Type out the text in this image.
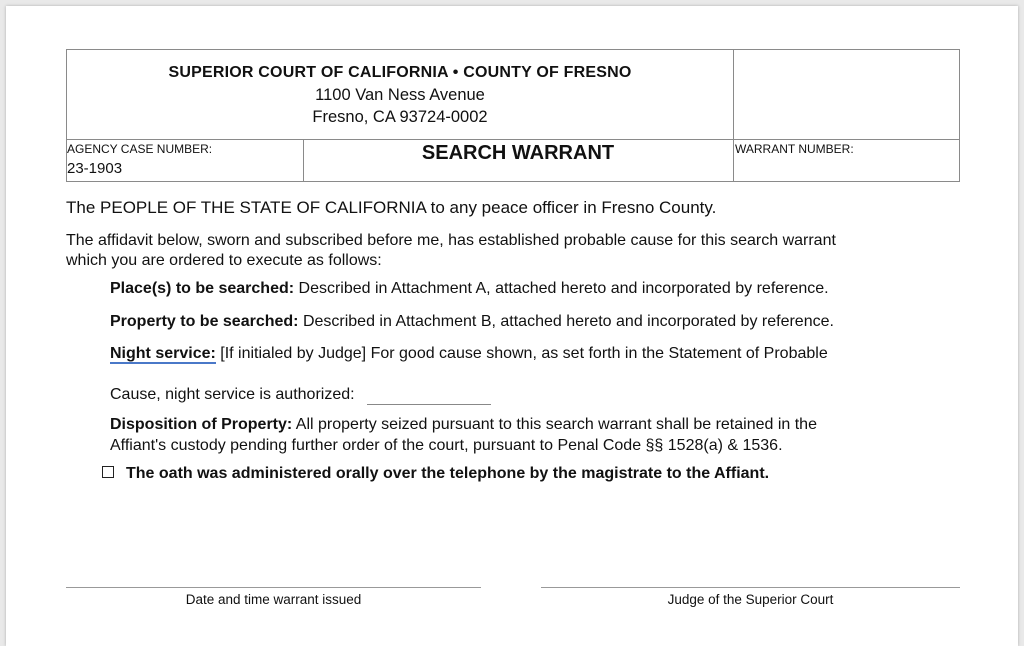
SUPERIOR COURT OF CALIFORNIA • COUNTY OF FRESNO
1100 Van Ness Avenue
Fresno, CA 93724-0002
AGENCY CASE NUMBER:
23-1903
SEARCH WARRANT	WARRANT NUMBER:
The PEOPLE OF THE STATE OF CALIFORNIA to any peace officer in Fresno County.
The affidavit below, sworn and subscribed before me, has established probable cause for this search warrant
which you are ordered to execute as follows:
Place(s) to be searched: Described in Attachment A, attached hereto and incorporated by reference.
Property to be searched: Described in Attachment B, attached hereto and incorporated by reference.
Night service: [If initialed by Judge] For good cause shown, as set forth in the Statement of Probable
Cause, night service is authorized:
Disposition of Property: All property seized pursuant to this search warrant shall be retained in the
Affiant's custody pending further order of the court, pursuant to Penal Code §§ 1528(a) & 1536.
The oath was administered orally over the telephone by the magistrate to the Affiant.
Date and time warrant issued	Judge of the Superior Court
